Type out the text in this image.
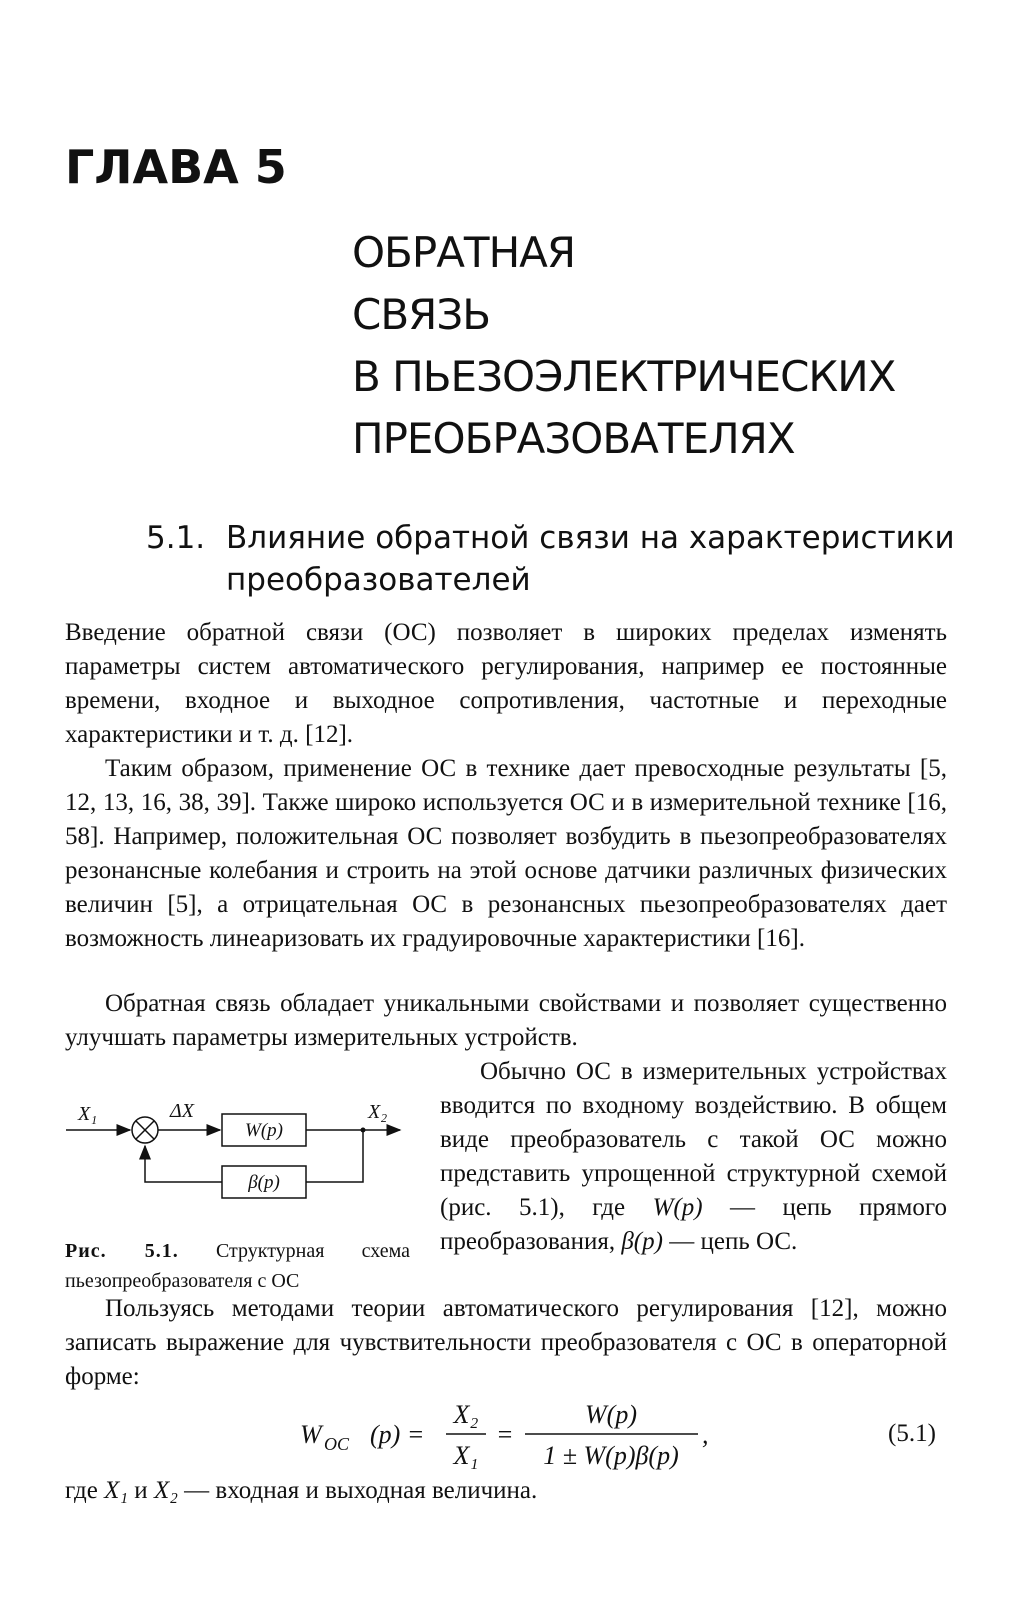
ГЛАВА 5
ОБРАТНАЯ
СВЯЗЬ
В ПЬЕЗОЭЛЕКТРИЧЕСКИХ
ПРЕОБРАЗОВАТЕЛЯХ
5.1. Влияние обратной связи на характеристики
преобразователей

Введение обратной связи (ОС) позволяет в широких пределах изменять параметры систем автоматического регулирования, например ее постоянные времени, входное и выходное сопротивления, частотные и переходные характеристики и т. д. [12].

Таким образом, применение ОС в технике дает превосходные результаты [5, 12, 13, 16, 38, 39]. Также широко используется ОС и в измерительной технике [16, 58]. Например, положительная ОС позволяет возбудить в пьезопреобразователях резонансные колебания и строить на этой основе датчики различных физических величин [5], а отрицательная ОС в резонансных пьезопреобразователях дает возможность линеаризовать их градуировочные характеристики [16].

Обратная связь обладает уникальными свойствами и позволяет существенно улучшать параметры измерительных устройств.

X₁	ΔX
W(p)
X₂
β(p)
Рис. 5.1. Структурная схема пьезопреобразователя с ОС

Обычно ОС в измерительных устройствах вводится по входному воздействию. В общем виде преобразователь с такой ОС можно представить упрощенной структурной схемой (рис. 5.1), где W(p) — цепь прямого преобразования, β(p) — цепь ОС.

Пользуясь методами теории автоматического регулирования [12], можно записать выражение для чувствительности преобразователя с ОС в операторной форме:

W OC (p) =
X₂
X₁
=
W(p)
1 ± W(p)β(p)
,	(5.1)

где X₁ и X₂ — входная и выходная величина.
